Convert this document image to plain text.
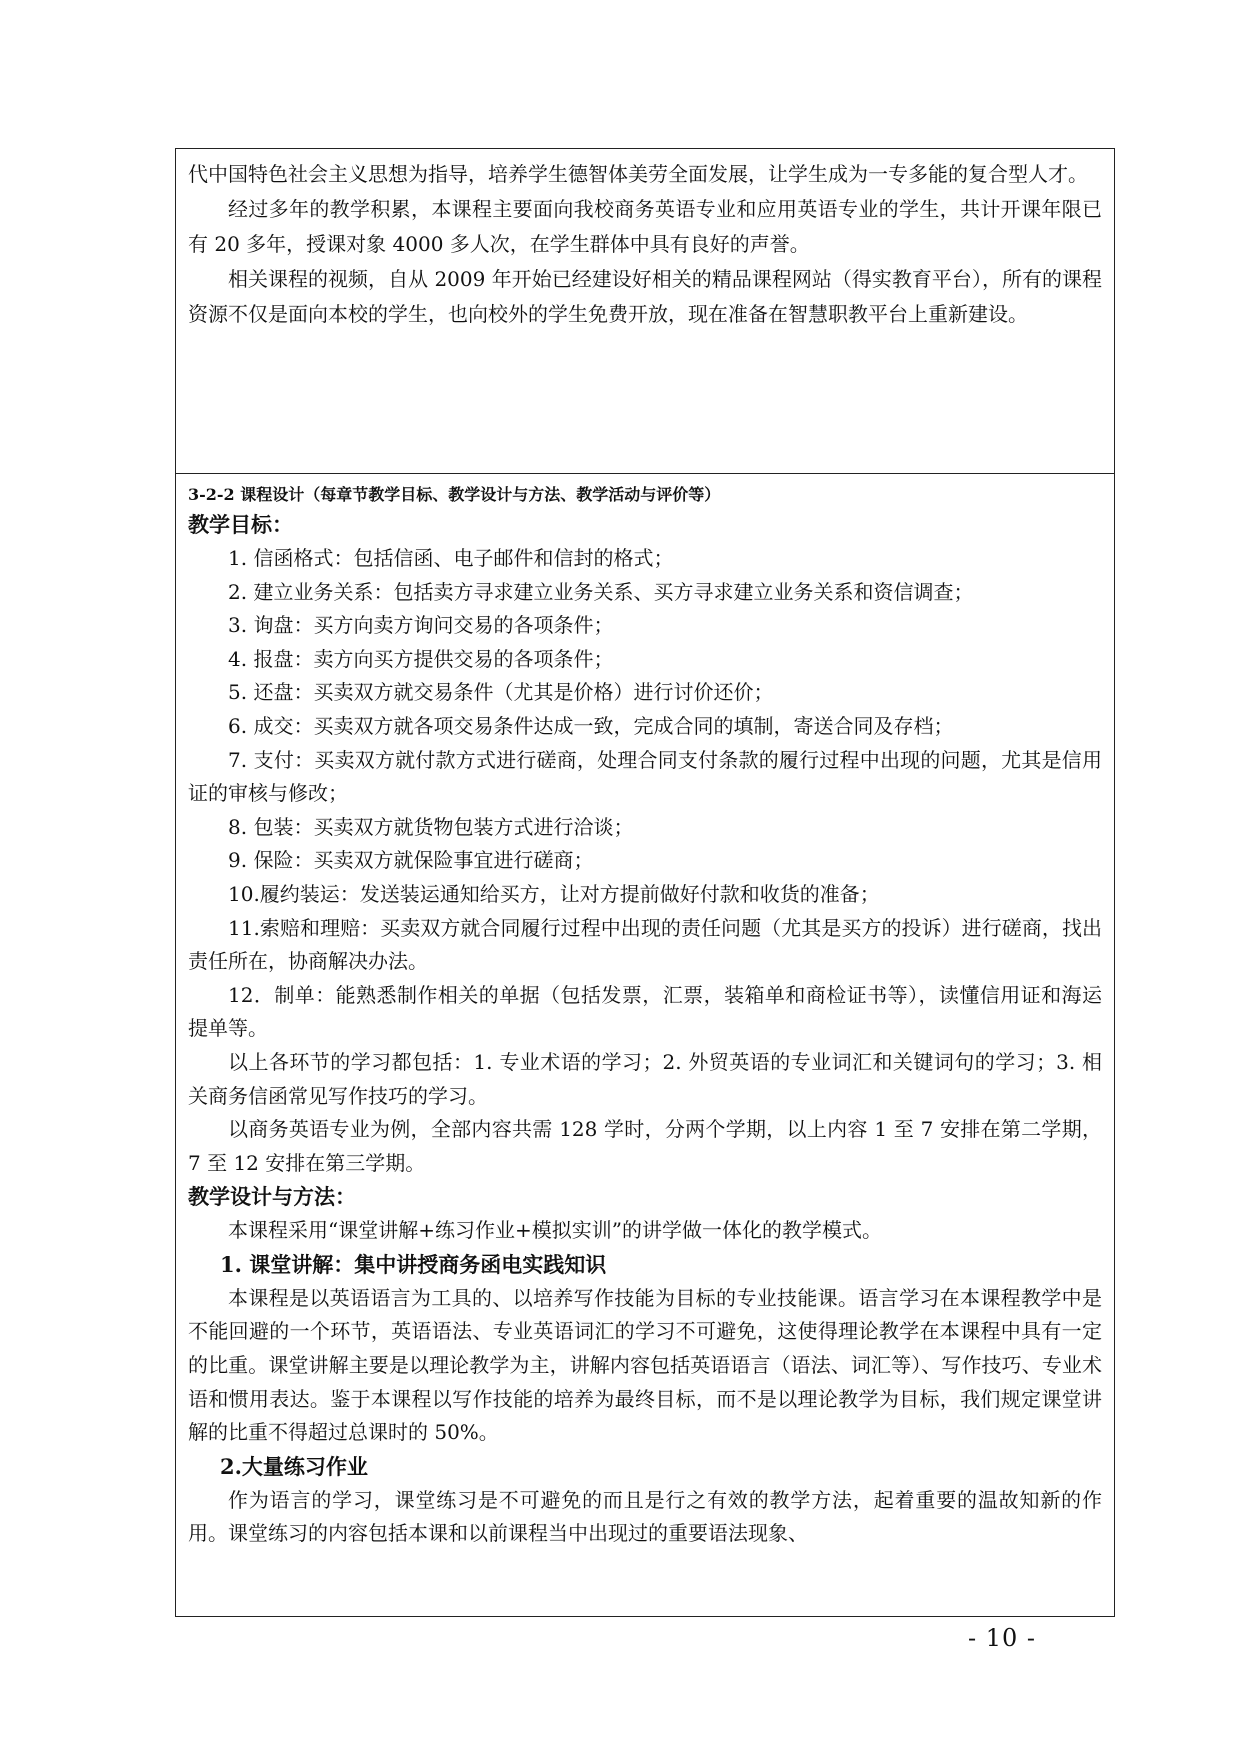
代中国特色社会主义思想为指导，培养学生德智体美劳全面发展，让学生成为一专多能的复合型人才。

经过多年的教学积累，本课程主要面向我校商务英语专业和应用英语专业的学生，共计开课年限已有 20 多年，授课对象 4000 多人次，在学生群体中具有良好的声誉。

相关课程的视频，自从 2009 年开始已经建设好相关的精品课程网站（得实教育平台），所有的课程资源不仅是面向本校的学生，也向校外的学生免费开放，现在准备在智慧职教平台上重新建设。

3-2-2 课程设计（每章节教学目标、教学设计与方法、教学活动与评价等）

教学目标：

1. 信函格式：包括信函、电子邮件和信封的格式；

2. 建立业务关系：包括卖方寻求建立业务关系、买方寻求建立业务关系和资信调查；

3. 询盘：买方向卖方询问交易的各项条件；

4. 报盘：卖方向买方提供交易的各项条件；

5. 还盘：买卖双方就交易条件（尤其是价格）进行讨价还价；

6. 成交：买卖双方就各项交易条件达成一致，完成合同的填制，寄送合同及存档；

7. 支付：买卖双方就付款方式进行磋商，处理合同支付条款的履行过程中出现的问题，尤其是信用证的审核与修改；

8. 包装：买卖双方就货物包装方式进行洽谈；

9. 保险：买卖双方就保险事宜进行磋商；

10.履约装运：发送装运通知给买方，让对方提前做好付款和收货的准备；

11.索赔和理赔：买卖双方就合同履行过程中出现的责任问题（尤其是买方的投诉）进行磋商，找出责任所在，协商解决办法。

12．制单：能熟悉制作相关的单据（包括发票，汇票，装箱单和商检证书等），读懂信用证和海运提单等。

以上各环节的学习都包括：1. 专业术语的学习；2. 外贸英语的专业词汇和关键词句的学习；3. 相关商务信函常见写作技巧的学习。

以商务英语专业为例，全部内容共需 128 学时，分两个学期，以上内容 1 至 7 安排在第二学期，7 至 12 安排在第三学期。

教学设计与方法：

本课程采用“课堂讲解+练习作业+模拟实训”的讲学做一体化的教学模式。

1. 课堂讲解：集中讲授商务函电实践知识

本课程是以英语语言为工具的、以培养写作技能为目标的专业技能课。语言学习在本课程教学中是不能回避的一个环节，英语语法、专业英语词汇的学习不可避免，这使得理论教学在本课程中具有一定的比重。课堂讲解主要是以理论教学为主，讲解内容包括英语语言（语法、词汇等）、写作技巧、专业术语和惯用表达。鉴于本课程以写作技能的培养为最终目标，而不是以理论教学为目标，我们规定课堂讲解的比重不得超过总课时的 50%。

2.大量练习作业

作为语言的学习，课堂练习是不可避免的而且是行之有效的教学方法，起着重要的温故知新的作用。课堂练习的内容包括本课和以前课程当中出现过的重要语法现象、

- 10 -
